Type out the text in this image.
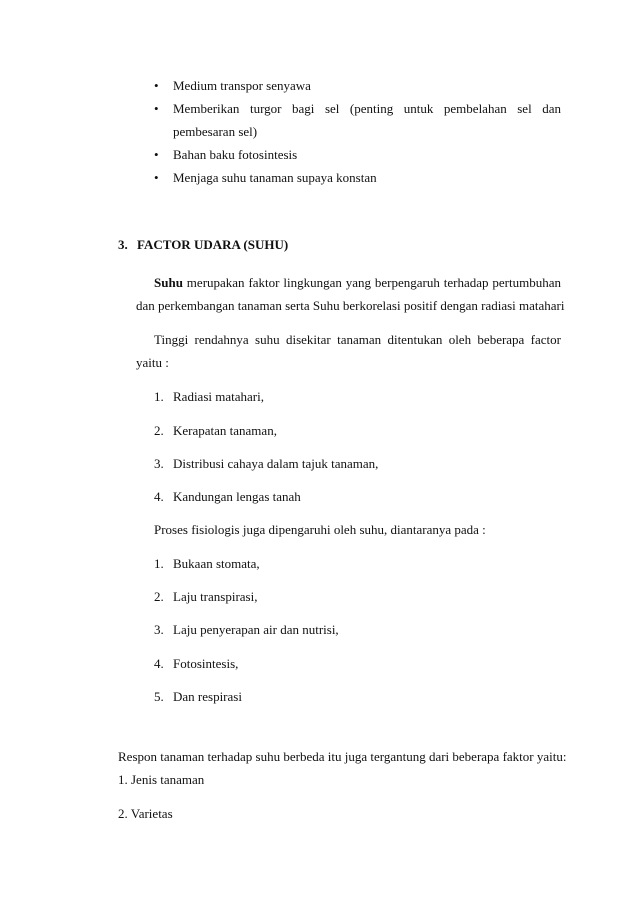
• Medium transpor senyawa
• Memberikan turgor bagi sel (penting untuk pembelahan sel dan
pembesaran sel)
• Bahan baku fotosintesis
• Menjaga suhu tanaman supaya konstan
3. FACTOR UDARA (SUHU)
Suhu merupakan faktor lingkungan yang berpengaruh terhadap pertumbuhan
dan perkembangan tanaman serta Suhu berkorelasi positif dengan radiasi matahari
Tinggi rendahnya suhu disekitar tanaman ditentukan oleh beberapa factor
yaitu :
1. Radiasi matahari,
2. Kerapatan tanaman,
3. Distribusi cahaya dalam tajuk tanaman,
4. Kandungan lengas tanah
Proses fisiologis juga dipengaruhi oleh suhu, diantaranya pada :
1. Bukaan stomata,
2. Laju transpirasi,
3. Laju penyerapan air dan nutrisi,
4. Fotosintesis,
5. Dan respirasi
Respon tanaman terhadap suhu berbeda itu juga tergantung dari beberapa faktor yaitu:
1. Jenis tanaman
2. Varietas
